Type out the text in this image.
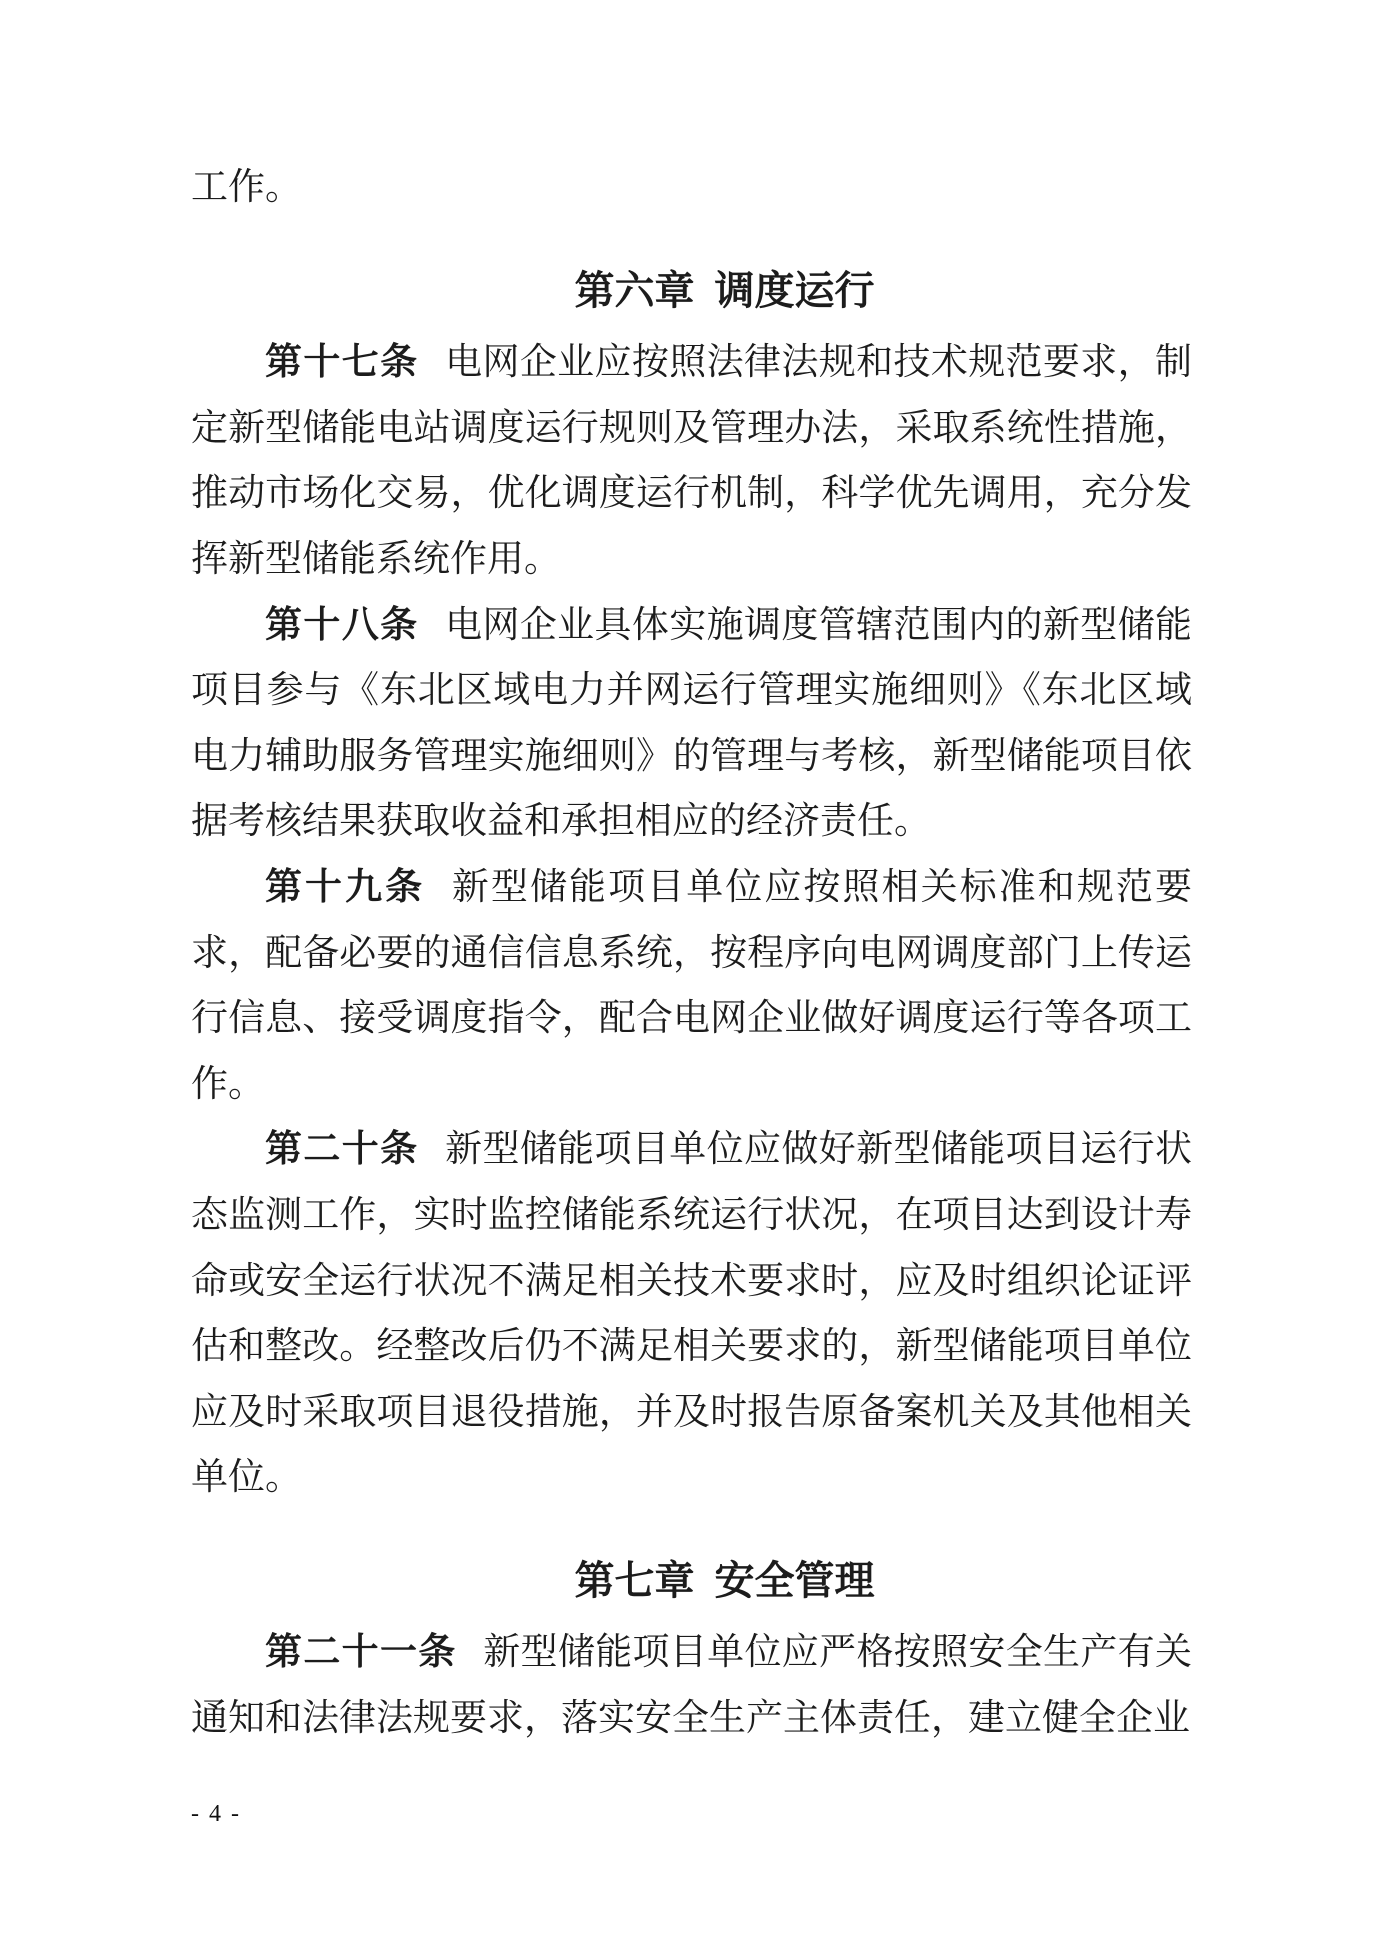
工作。

第六章 调度运行

第十七条 电网企业应按照法律法规和技术规范要求，制定新型储能电站调度运行规则及管理办法，采取系统性措施，推动市场化交易，优化调度运行机制，科学优先调用，充分发挥新型储能系统作用。

第十八条 电网企业具体实施调度管辖范围内的新型储能项目参与《东北区域电力并网运行管理实施细则》《东北区域电力辅助服务管理实施细则》的管理与考核，新型储能项目依据考核结果获取收益和承担相应的经济责任。

第十九条 新型储能项目单位应按照相关标准和规范要求，配备必要的通信信息系统，按程序向电网调度部门上传运行信息、接受调度指令，配合电网企业做好调度运行等各项工作。

第二十条 新型储能项目单位应做好新型储能项目运行状态监测工作，实时监控储能系统运行状况，在项目达到设计寿命或安全运行状况不满足相关技术要求时，应及时组织论证评估和整改。经整改后仍不满足相关要求的，新型储能项目单位应及时采取项目退役措施，并及时报告原备案机关及其他相关单位。

第七章 安全管理

第二十一条 新型储能项目单位应严格按照安全生产有关通知和法律法规要求，落实安全生产主体责任，建立健全企业

- 4 -
